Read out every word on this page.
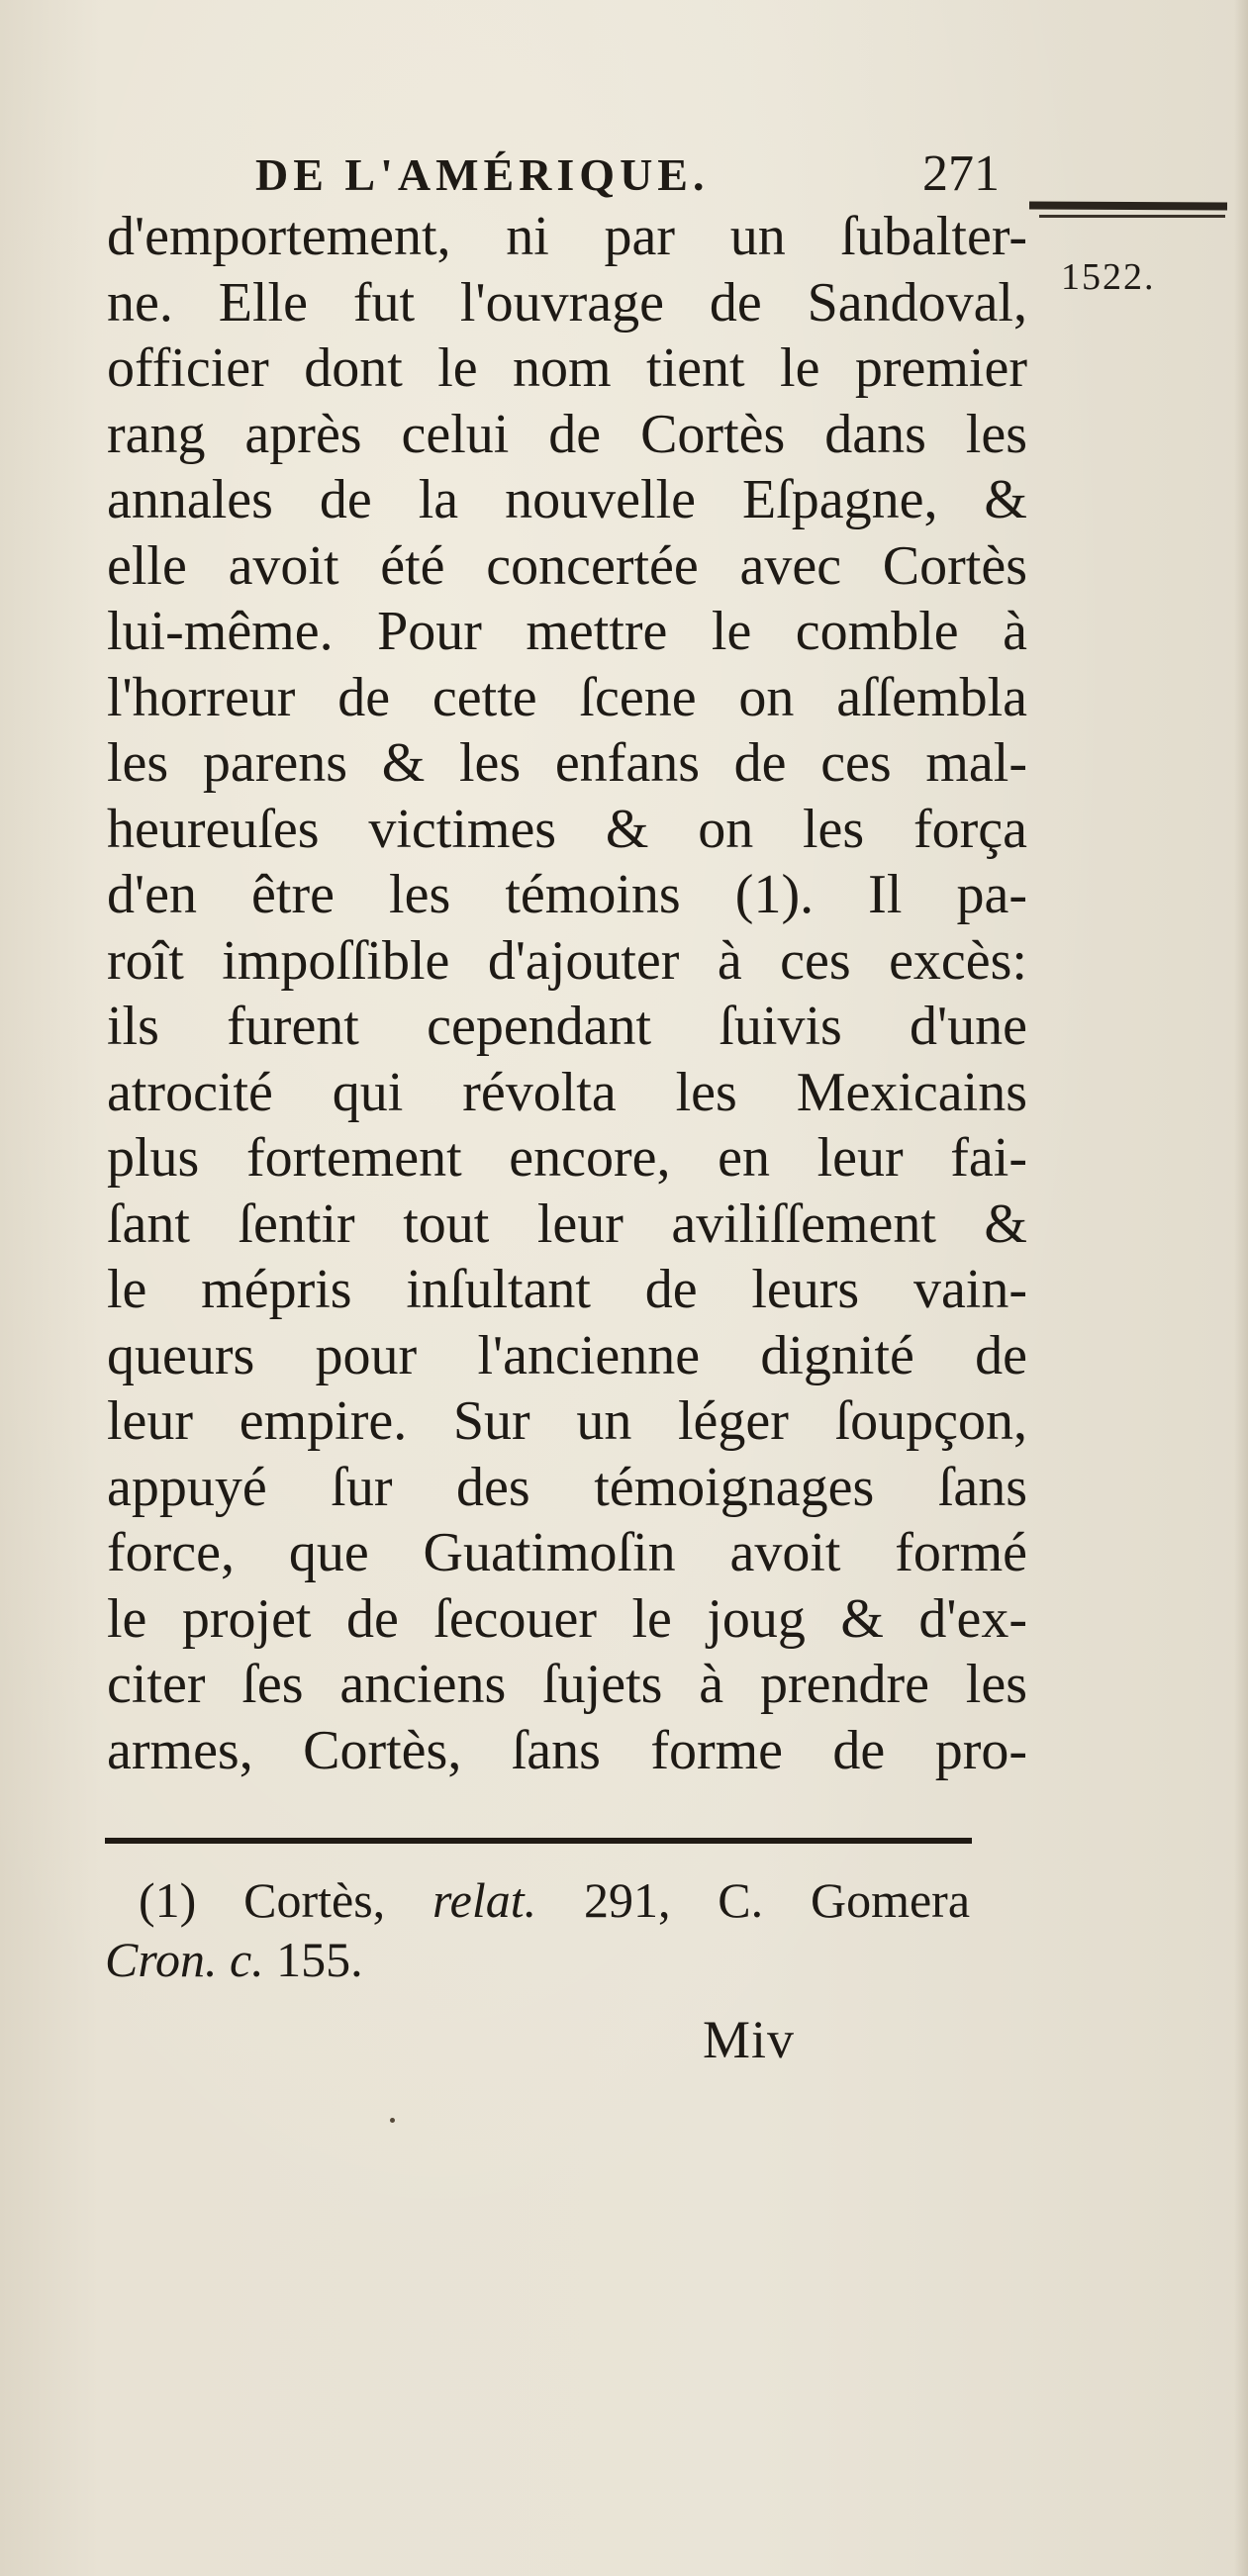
DE L'AMÉRIQUE.	271
1522.
d'emportement, ni par un ſubalter-
ne. Elle fut l'ouvrage de Sandoval,
officier dont le nom tient le premier
rang après celui de Cortès dans les
annales de la nouvelle Eſpagne, &
elle avoit été concertée avec Cortès
lui-même. Pour mettre le comble à
l'horreur de cette ſcene on aſſembla
les parens & les enfans de ces mal-
heureuſes victimes & on les força
d'en être les témoins (1). Il pa-
roît impoſſible d'ajouter à ces excès:
ils furent cependant ſuivis d'une
atrocité qui révolta les Mexicains
plus fortement encore, en leur fai-
ſant ſentir tout leur aviliſſement &
le mépris inſultant de leurs vain-
queurs pour l'ancienne dignité de
leur empire. Sur un léger ſoupçon,
appuyé ſur des témoignages ſans
force, que Guatimoſin avoit formé
le projet de ſecouer le joug & d'ex-
citer ſes anciens ſujets à prendre les
armes, Cortès, ſans forme de pro-
(1) Cortès, relat. 291, C. Gomera
Cron. c. 155.
Miv
